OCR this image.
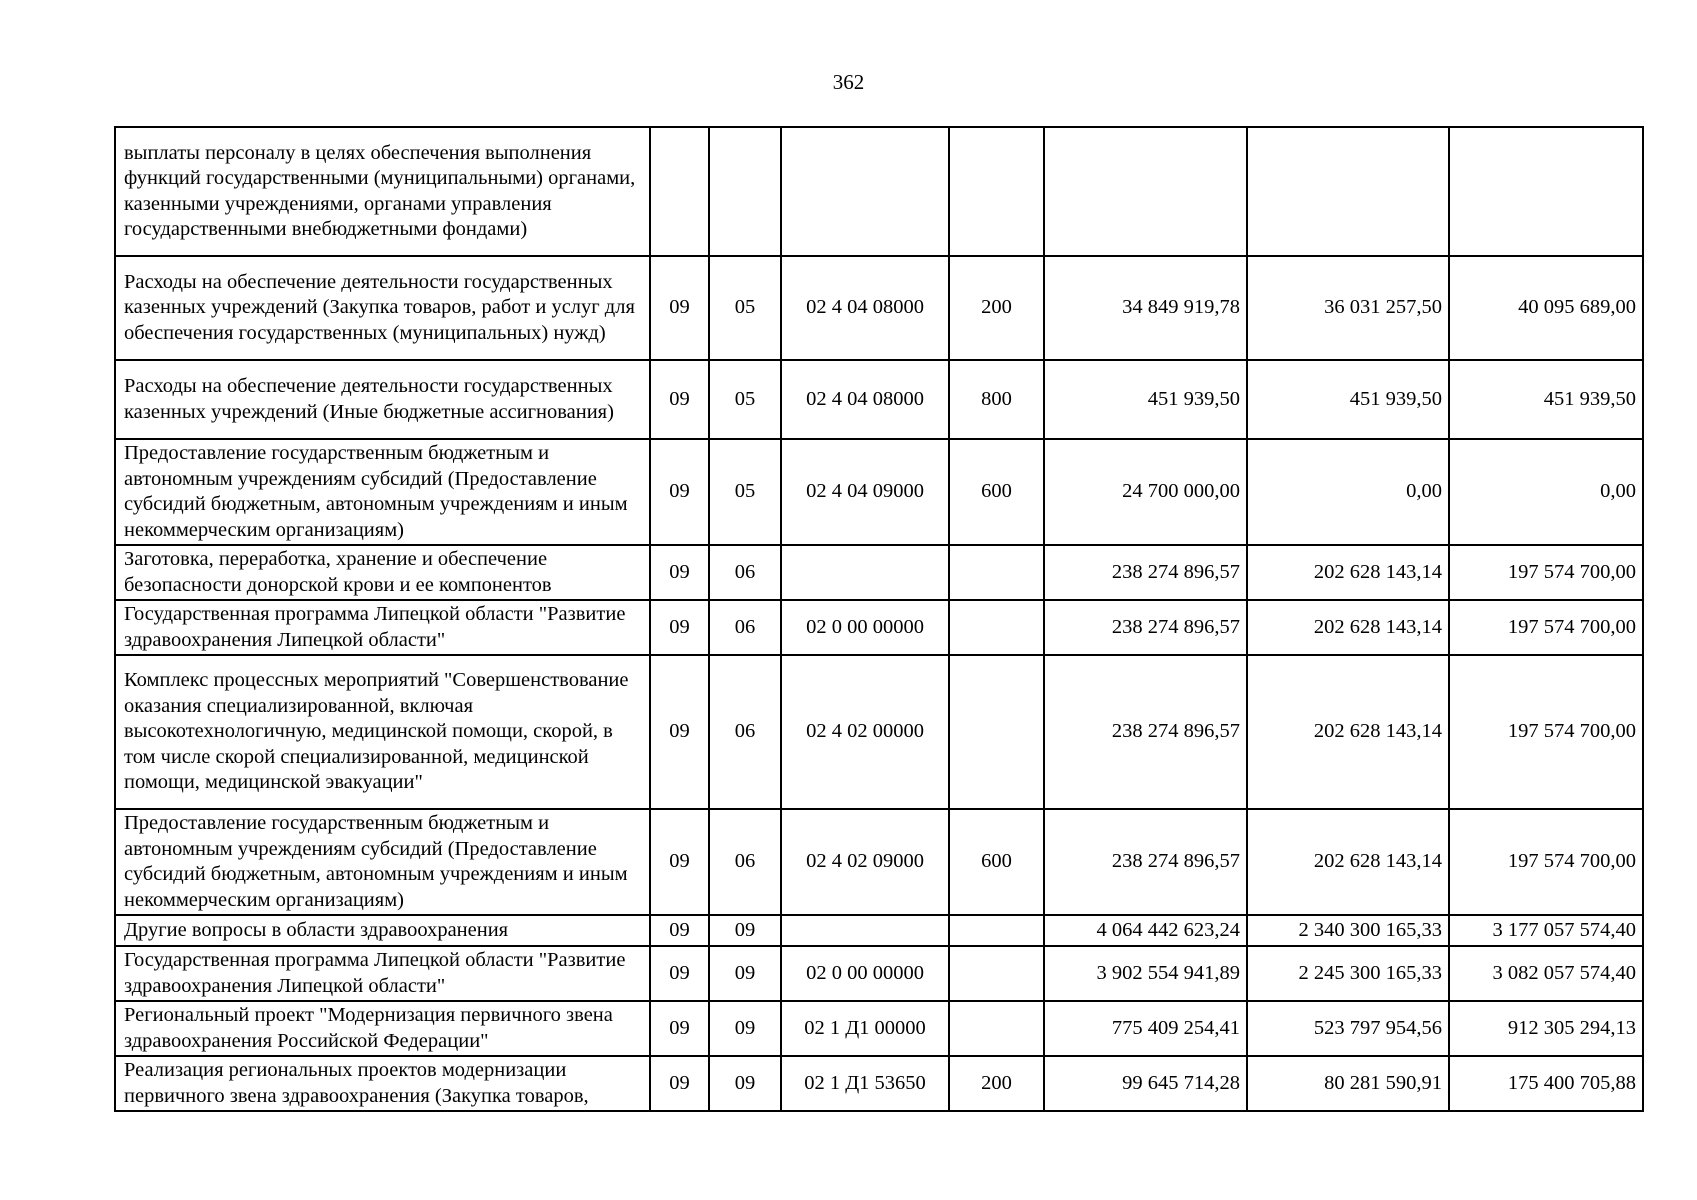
362
выплаты персоналу в целях обеспечения выполнения функций государственными (муниципальными) органами, казенными учреждениями, органами управления государственными внебюджетными фондами)							
Расходы на обеспечение деятельности государственных казенных учреждений (Закупка товаров, работ и услуг для обеспечения государственных (муниципальных) нужд)	09	05	02 4 04 08000	200	34 849 919,78	36 031 257,50	40 095 689,00
Расходы на обеспечение деятельности государственных казенных учреждений (Иные бюджетные ассигнования)	09	05	02 4 04 08000	800	451 939,50	451 939,50	451 939,50
Предоставление государственным бюджетным и автономным учреждениям субсидий (Предоставление субсидий бюджетным, автономным учреждениям и иным некоммерческим организациям)	09	05	02 4 04 09000	600	24 700 000,00	0,00	0,00
Заготовка, переработка, хранение и обеспечение безопасности донорской крови и ее компонентов	09	06			238 274 896,57	202 628 143,14	197 574 700,00
Государственная программа Липецкой области "Развитие здравоохранения Липецкой области"	09	06	02 0 00 00000		238 274 896,57	202 628 143,14	197 574 700,00
Комплекс процессных мероприятий "Совершенствование оказания специализированной, включая высокотехнологичную, медицинской помощи, скорой, в том числе скорой специализированной, медицинской помощи, медицинской эвакуации"	09	06	02 4 02 00000		238 274 896,57	202 628 143,14	197 574 700,00
Предоставление государственным бюджетным и автономным учреждениям субсидий (Предоставление субсидий бюджетным, автономным учреждениям и иным некоммерческим организациям)	09	06	02 4 02 09000	600	238 274 896,57	202 628 143,14	197 574 700,00
Другие вопросы в области здравоохранения	09	09			4 064 442 623,24	2 340 300 165,33	3 177 057 574,40
Государственная программа Липецкой области "Развитие здравоохранения Липецкой области"	09	09	02 0 00 00000		3 902 554 941,89	2 245 300 165,33	3 082 057 574,40
Региональный проект "Модернизация первичного звена здравоохранения Российской Федерации"	09	09	02 1 Д1 00000		775 409 254,41	523 797 954,56	912 305 294,13
Реализация региональных проектов модернизации первичного звена здравоохранения (Закупка товаров,	09	09	02 1 Д1 53650	200	99 645 714,28	80 281 590,91	175 400 705,88
